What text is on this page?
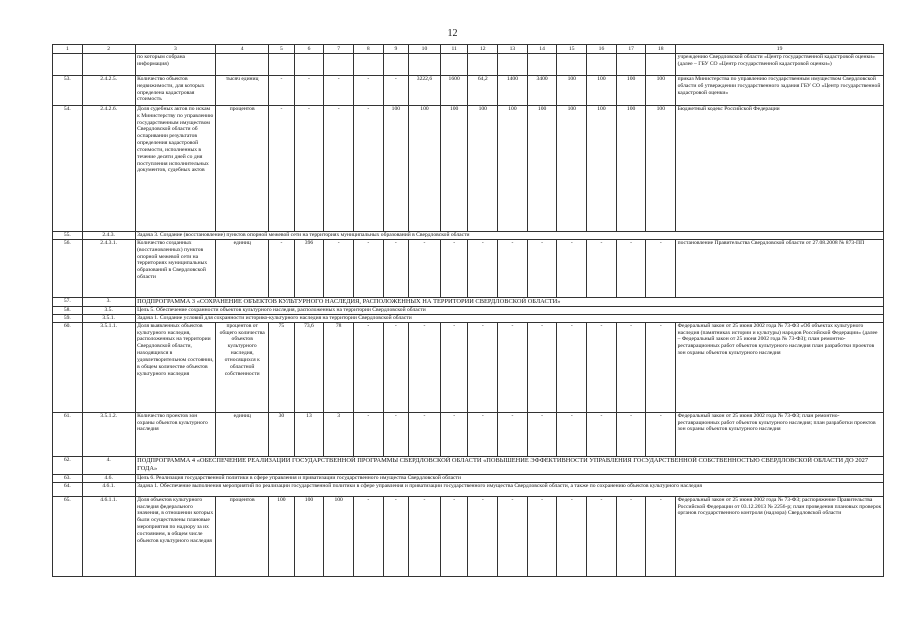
12
1	2	3	4	5	6	7	8	9	10	11	12	13	14	15	16	17	18	19
		по которым собрана информация)																учреждению Свердловской области «Центр государственной кадастровой оценки» (далее – ГБУ СО «Центр государственной кадастровой оценки»)
53.	2.4.2.5.	Количество объектов недвижимости, для которых определена кадастровая стоимость	тысяч единиц	-	-	-	-	-	3222,6	1600	64,2	1400	3400	100	100	100	100	приказ Министерства по управлению государственным имуществом Свердловской области об утверждении государственного задания ГБУ СО «Центр государственной кадастровой оценки»
54.	2.4.2.6.	Доля судебных актов по искам к Министерству по управлению государственным имуществом Свердловской области об оспаривании результатов определения кадастровой стоимости, исполненных в течение десяти дней со дня поступления исполнительных документов, судебных актов	процентов	-	-	-	-	100	100	100	100	100	100	100	100	100	100	Бюджетный кодекс Российской Федерации
55.	2.4.3.	Задача 3. Создание (восстановление) пунктов опорной межевой сети на территориях муниципальных образований в Свердловской области																
56.	2.4.3.1.	Количество созданных (восстановленных) пунктов опорной межевой сети на территориях муниципальных образований в Свердловской области	единиц	-	396	-	-	-	-	-	-	-	-	-	-	-	-	постановление Правительства Свердловской области от 27.08.2008 № 873-ПП
57.	3.	ПОДПРОГРАММА 3 «СОХРАНЕНИЕ ОБЪЕКТОВ КУЛЬТУРНОГО НАСЛЕДИЯ, РАСПОЛОЖЕННЫХ НА ТЕРРИТОРИИ СВЕРДЛОВСКОЙ ОБЛАСТИ»																
58.	3.5.	Цель 5. Обеспечение сохранности объектов культурного наследия, расположенных на территории Свердловской области																
59.	3.5.1.	Задача 1. Создание условий для сохранности историко-культурного наследия на территории Свердловской области																
60.	3.5.1.1.	Доля выявленных объектов культурного наследия, расположенных на территории Свердловской области, находящихся в удовлетворительном состоянии, в общем количестве объектов культурного наследия	процентов от общего количества объектов культурного наследия, относящихся к областной собственности	75	73,6	78	-	-	-	-	-	-	-	-	-	-	-	Федеральный закон от 25 июня 2002 года № 73-ФЗ «Об объектах культурного наследия (памятниках истории и культуры) народов Российской Федерации» (далее – Федеральный закон от 25 июня 2002 года № 73-ФЗ); план ремонтно-реставрационных работ объектов культурного наследия план разработки проектов зон охраны объектов культурного наследия
61.	3.5.1.2.	Количество проектов зон охраны объектов культурного наследия	единиц	30	13	3	-	-	-	-	-	-	-	-	-	-	-	Федеральный закон от 25 июня 2002 года № 73-ФЗ; план ремонтно-реставрационных работ объектов культурного наследия; план разработки проектов зон охраны объектов культурного наследия
62.	4.	ПОДПРОГРАММА 4 «ОБЕСПЕЧЕНИЕ РЕАЛИЗАЦИИ ГОСУДАРСТВЕННОЙ ПРОГРАММЫ СВЕРДЛОВСКОЙ ОБЛАСТИ «ПОВЫШЕНИЕ ЭФФЕКТИВНОСТИ УПРАВЛЕНИЯ ГОСУДАРСТВЕННОЙ СОБСТВЕННОСТЬЮ СВЕРДЛОВСКОЙ ОБЛАСТИ ДО 2027 ГОДА»																
63.	4.6.	Цель 6. Реализация государственной политики в сфере управления и приватизации государственного имущества Свердловской области																
64.	4.6.1.	Задача 1. Обеспечение выполнения мероприятий по реализации государственной политики в сфере управления и приватизации государственного имущества Свердловской области, а также по сохранению объектов культурного наследия																
65.	4.6.1.1.	Доля объектов культурного наследия федерального значения, в отношении которых были осуществлены плановые мероприятия по надзору за их состоянием, в общем числе объектов культурного наследия	процентов	100	100	100	-	-	-	-	-	-	-	-	-	-	-	Федеральный закон от 25 июня 2002 года № 73-ФЗ; распоряжение Правительства Российской Федерации от 03.12.2013 № 2256-р; план проведения плановых проверок органов государственного контроля (надзора) Свердловской области
